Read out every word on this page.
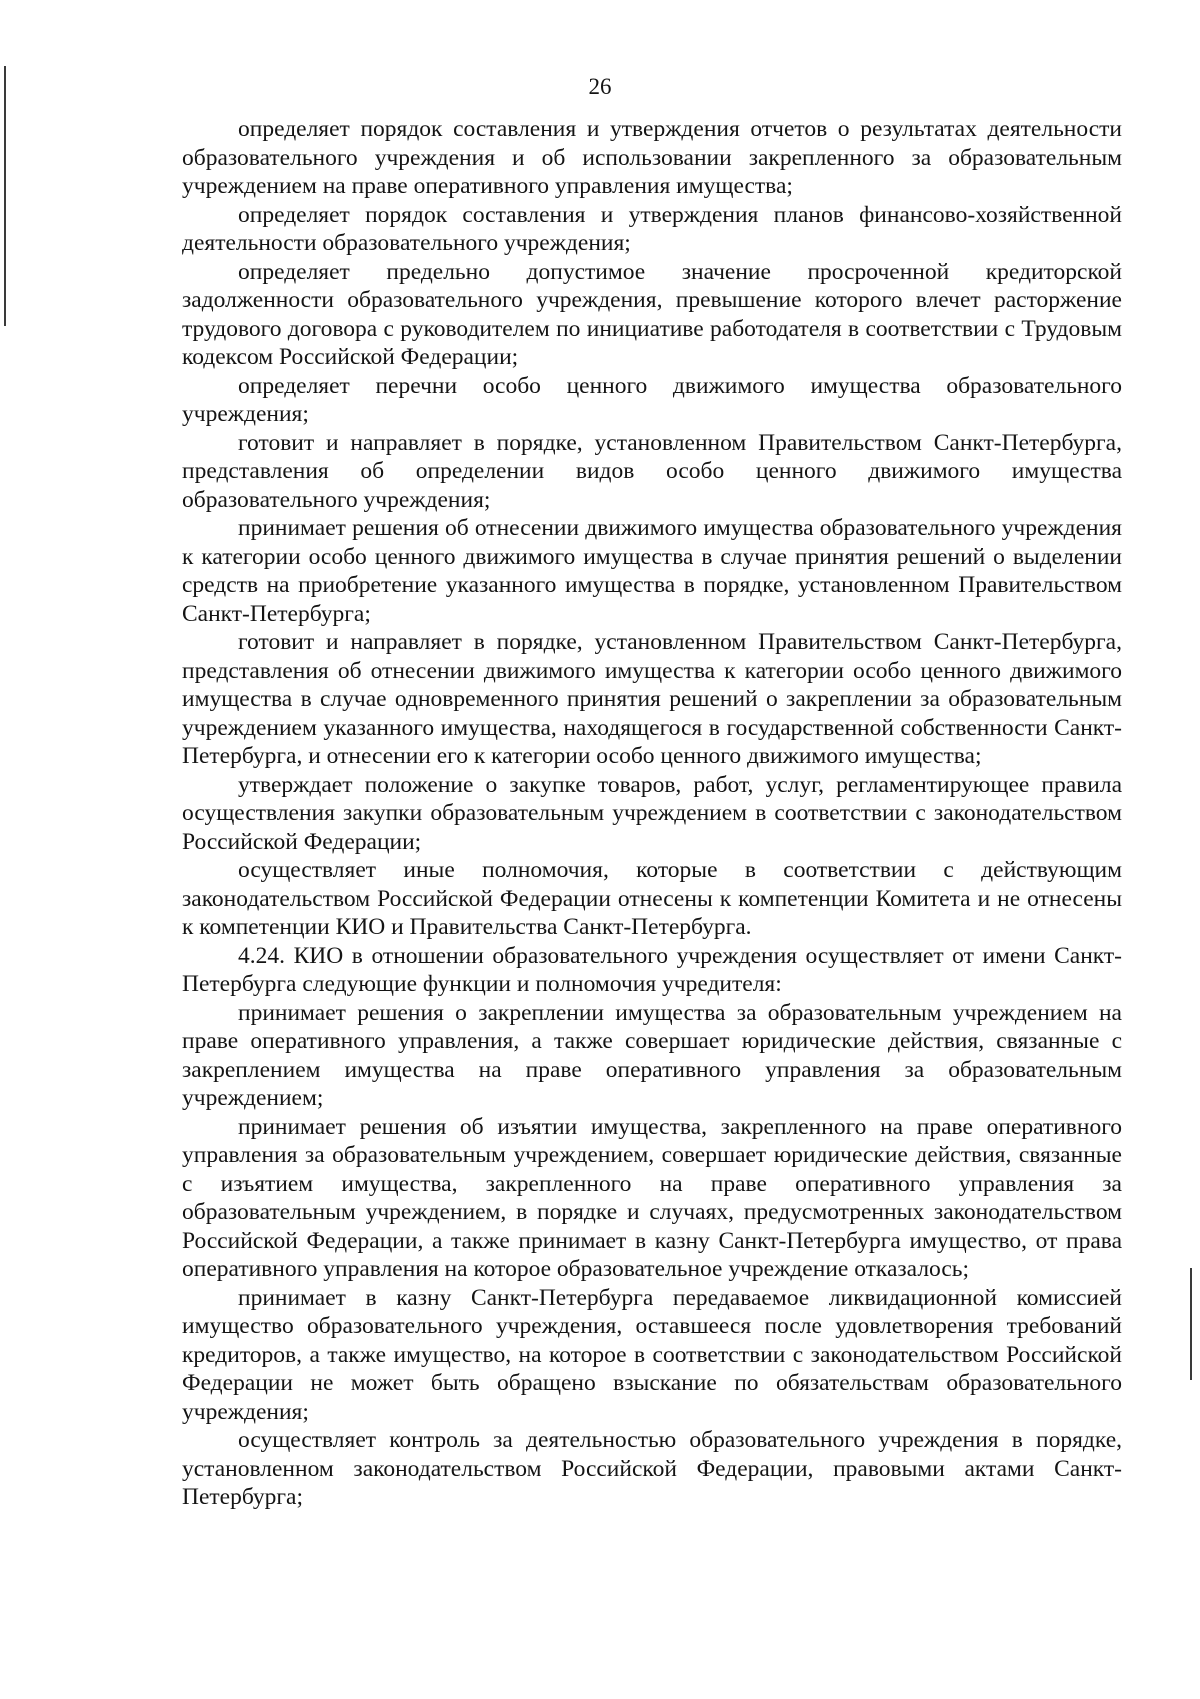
26

определяет порядок составления и утверждения отчетов о результатах деятельности образовательного учреждения и об использовании закрепленного за образовательным учреждением на праве оперативного управления имущества;

определяет порядок составления и утверждения планов финансово-хозяйственной деятельности образовательного учреждения;

определяет предельно допустимое значение просроченной кредиторской задолженности образовательного учреждения, превышение которого влечет расторжение трудового договора с руководителем по инициативе работодателя в соответствии с Трудовым кодексом Российской Федерации;

определяет перечни особо ценного движимого имущества образовательного учреждения;

готовит и направляет в порядке, установленном Правительством Санкт-Петербурга, представления об определении видов особо ценного движимого имущества образовательного учреждения;

принимает решения об отнесении движимого имущества образовательного учреждения к категории особо ценного движимого имущества в случае принятия решений о выделении средств на приобретение указанного имущества в порядке, установленном Правительством Санкт-Петербурга;

готовит и направляет в порядке, установленном Правительством Санкт-Петербурга, представления об отнесении движимого имущества к категории особо ценного движимого имущества в случае одновременного принятия решений о закреплении за образовательным учреждением указанного имущества, находящегося в государственной собственности Санкт-Петербурга, и отнесении его к категории особо ценного движимого имущества;

утверждает положение о закупке товаров, работ, услуг, регламентирующее правила осуществления закупки образовательным учреждением в соответствии с законодательством Российской Федерации;

осуществляет иные полномочия, которые в соответствии с действующим законодательством Российской Федерации отнесены к компетенции Комитета и не отнесены к компетенции КИО и Правительства Санкт-Петербурга.

4.24. КИО в отношении образовательного учреждения осуществляет от имени Санкт-Петербурга следующие функции и полномочия учредителя:

принимает решения о закреплении имущества за образовательным учреждением на праве оперативного управления, а также совершает юридические действия, связанные с закреплением имущества на праве оперативного управления за образовательным учреждением;

принимает решения об изъятии имущества, закрепленного на праве оперативного управления за образовательным учреждением, совершает юридические действия, связанные с изъятием имущества, закрепленного на праве оперативного управления за образовательным учреждением, в порядке и случаях, предусмотренных законодательством Российской Федерации, а также принимает в казну Санкт-Петербурга имущество, от права оперативного управления на которое образовательное учреждение отказалось;

принимает в казну Санкт-Петербурга передаваемое ликвидационной комиссией имущество образовательного учреждения, оставшееся после удовлетворения требований кредиторов, а также имущество, на которое в соответствии с законодательством Российской Федерации не может быть обращено взыскание по обязательствам образовательного учреждения;

осуществляет контроль за деятельностью образовательного учреждения в порядке, установленном законодательством Российской Федерации, правовыми актами Санкт-Петербурга;
